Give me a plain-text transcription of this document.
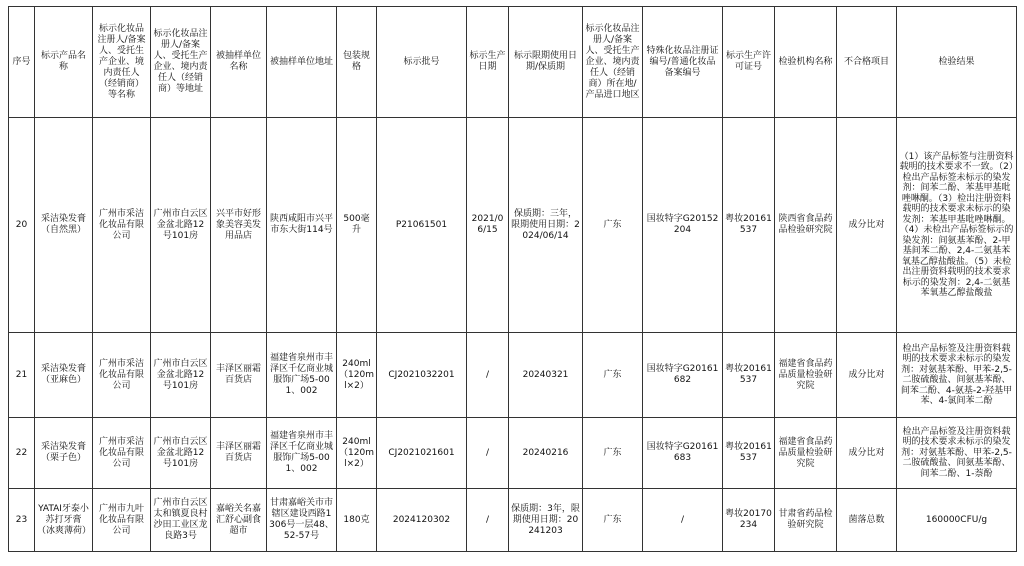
序号	标示产品名称	标示化妆品注册人/备案人、受托生产企业、境内责任人（经销商）等名称	标示化妆品注册人/备案人、受托生产企业、境内责任人（经销商）等地址	被抽样单位名称	被抽样单位地址	包装规格	标示批号	标示生产日期	标示限期使用日期/保质期	标示化妆品注册人/备案人、受托生产企业、境内责任人（经销商）所在地/产品进口地区	特殊化妆品注册证编号/普通化妆品备案编号	标示生产许可证号	检验机构名称	不合格项目	检验结果
20	采洁染发膏（自然黑）	广州市采洁化妆品有限公司	广州市白云区金盆北路12号101房	兴平市好形象美容美发用品店	陕西咸阳市兴平市东大街114号	500毫升	P21061501	2021/06/15	保质期：三年，限期使用日期：2024/06/14	广东	国妆特字G20152204	粤妆20161537	陕西省食品药品检验研究院	成分比对	（1）该产品标签与注册资料载明的技术要求不一致。（2）检出产品标签未标示的染发剂：间苯二酚、苯基甲基吡唑啉酮。（3）检出注册资料载明的技术要求未标示的染发剂：苯基甲基吡唑啉酮。（4）未检出产品标签标示的染发剂：间氨基苯酚、2-甲基间苯二酚、2,4-二氨基苯氧基乙醇盐酸盐。（5）未检出注册资料载明的技术要求标示的染发剂：2,4-二氨基苯氧基乙醇盐酸盐
21	采洁染发膏（亚麻色）	广州市采洁化妆品有限公司	广州市白云区金盆北路12号101房	丰泽区丽霜百货店	福建省泉州市丰泽区千亿商业城服饰广场5-001、002	240ml（120ml×2）	CJ2021032201	/	20240321	广东	国妆特字G20161682	粤妆20161537	福建省食品药品质量检验研究院	成分比对	检出产品标签及注册资料载明的技术要求未标示的染发剂：对氨基苯酚、甲苯-2,5-二胺硫酸盐、间氨基苯酚、间苯二酚、4-氨基-2-羟基甲苯、4-氯间苯二酚
22	采洁染发膏（栗子色）	广州市采洁化妆品有限公司	广州市白云区金盆北路12号101房	丰泽区丽霜百货店	福建省泉州市丰泽区千亿商业城服饰广场5-001、002	240ml（120ml×2）	CJ2021021601	/	20240216	广东	国妆特字G20161683	粤妆20161537	福建省食品药品质量检验研究院	成分比对	检出产品标签及注册资料载明的技术要求未标示的染发剂：对氨基苯酚、甲苯-2,5-二胺硫酸盐、间氨基苯酚、间苯二酚、1-萘酚
23	YATAI牙泰小苏打牙膏（冰爽薄荷）	广州市九叶化妆品有限公司	广州市白云区太和镇夏良村沙田工业区龙良路3号	嘉峪关名嘉汇舒心副食超市	甘肃嘉峪关市市辖区建设西路1306号一层48、52-57号	180克	2024120302	/	保质期：3年，限期使用日期：20241203	广东	/	粤妆20170234	甘肃省药品检验研究院	菌落总数	160000CFU/g
